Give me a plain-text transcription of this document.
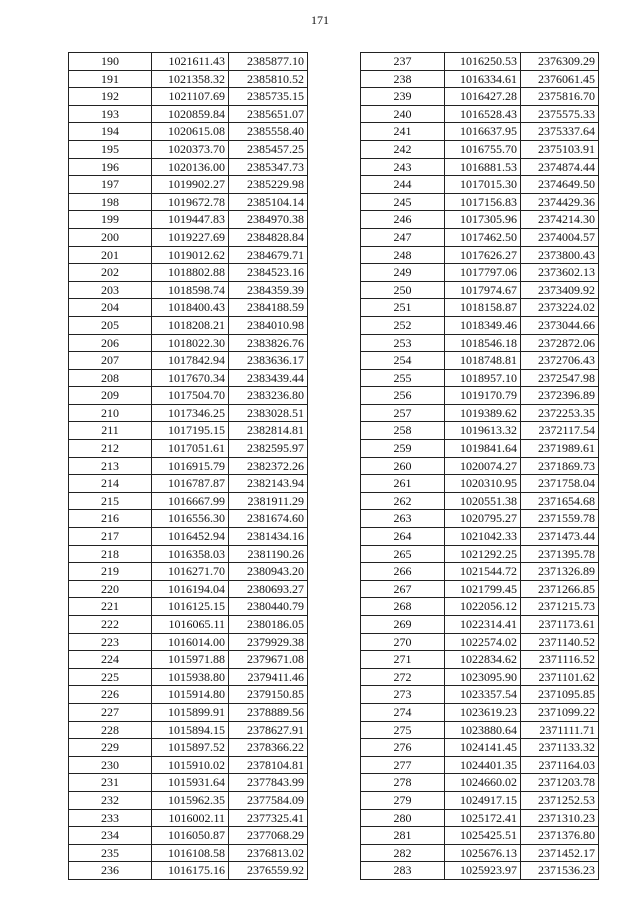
171
190	1021611.43	2385877.10
191	1021358.32	2385810.52
192	1021107.69	2385735.15
193	1020859.84	2385651.07
194	1020615.08	2385558.40
195	1020373.70	2385457.25
196	1020136.00	2385347.73
197	1019902.27	2385229.98
198	1019672.78	2385104.14
199	1019447.83	2384970.38
200	1019227.69	2384828.84
201	1019012.62	2384679.71
202	1018802.88	2384523.16
203	1018598.74	2384359.39
204	1018400.43	2384188.59
205	1018208.21	2384010.98
206	1018022.30	2383826.76
207	1017842.94	2383636.17
208	1017670.34	2383439.44
209	1017504.70	2383236.80
210	1017346.25	2383028.51
211	1017195.15	2382814.81
212	1017051.61	2382595.97
213	1016915.79	2382372.26
214	1016787.87	2382143.94
215	1016667.99	2381911.29
216	1016556.30	2381674.60
217	1016452.94	2381434.16
218	1016358.03	2381190.26
219	1016271.70	2380943.20
220	1016194.04	2380693.27
221	1016125.15	2380440.79
222	1016065.11	2380186.05
223	1016014.00	2379929.38
224	1015971.88	2379671.08
225	1015938.80	2379411.46
226	1015914.80	2379150.85
227	1015899.91	2378889.56
228	1015894.15	2378627.91
229	1015897.52	2378366.22
230	1015910.02	2378104.81
231	1015931.64	2377843.99
232	1015962.35	2377584.09
233	1016002.11	2377325.41
234	1016050.87	2377068.29
235	1016108.58	2376813.02
236	1016175.16	2376559.92
237	1016250.53	2376309.29
238	1016334.61	2376061.45
239	1016427.28	2375816.70
240	1016528.43	2375575.33
241	1016637.95	2375337.64
242	1016755.70	2375103.91
243	1016881.53	2374874.44
244	1017015.30	2374649.50
245	1017156.83	2374429.36
246	1017305.96	2374214.30
247	1017462.50	2374004.57
248	1017626.27	2373800.43
249	1017797.06	2373602.13
250	1017974.67	2373409.92
251	1018158.87	2373224.02
252	1018349.46	2373044.66
253	1018546.18	2372872.06
254	1018748.81	2372706.43
255	1018957.10	2372547.98
256	1019170.79	2372396.89
257	1019389.62	2372253.35
258	1019613.32	2372117.54
259	1019841.64	2371989.61
260	1020074.27	2371869.73
261	1020310.95	2371758.04
262	1020551.38	2371654.68
263	1020795.27	2371559.78
264	1021042.33	2371473.44
265	1021292.25	2371395.78
266	1021544.72	2371326.89
267	1021799.45	2371266.85
268	1022056.12	2371215.73
269	1022314.41	2371173.61
270	1022574.02	2371140.52
271	1022834.62	2371116.52
272	1023095.90	2371101.62
273	1023357.54	2371095.85
274	1023619.23	2371099.22
275	1023880.64	2371111.71
276	1024141.45	2371133.32
277	1024401.35	2371164.03
278	1024660.02	2371203.78
279	1024917.15	2371252.53
280	1025172.41	2371310.23
281	1025425.51	2371376.80
282	1025676.13	2371452.17
283	1025923.97	2371536.23
